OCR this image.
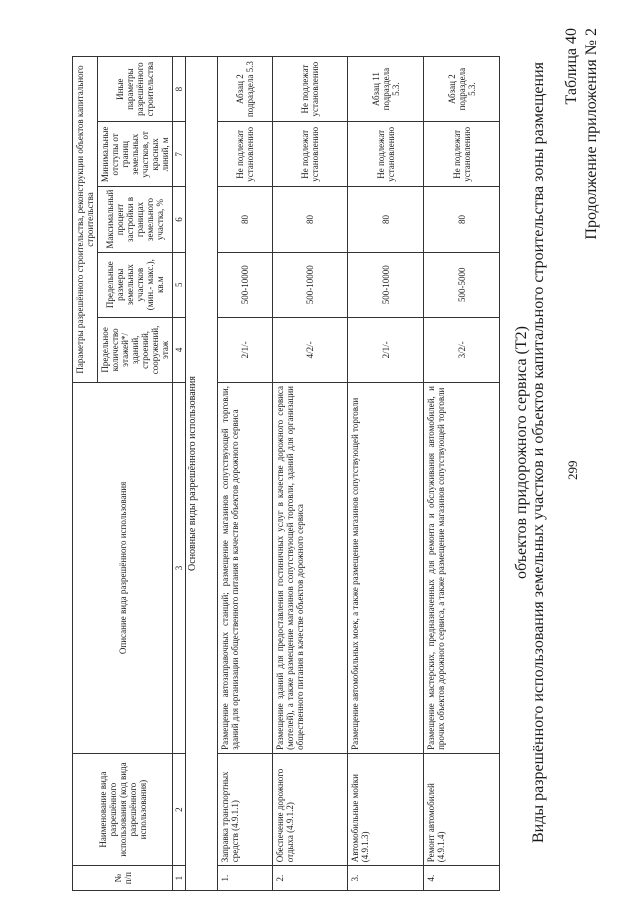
299
Продолжение приложения № 2
Таблица 40
Виды разрешённого использования земельных участков и объектов капитального строительства зоны размещения
объектов придорожного сервиса (Т2)
№ п/п	Наименование вида разрешённого использования (код вида разрешённого использования)	Описание вида разрешённого использования	Параметры разрешённого строительства, реконструкции объектов капитального строительства				
			Предельное количество этажей*/ зданий, строений, сооружений, этаж	Предельные размеры земельных участков (мин.- макс.), кв.м	Максимальный процент застройки в границах земельного участка, %	Минимальные отступы от границ земельных участков, от красных линий, м	Иные параметры разрешённого строительства
1	2	3	4	5	6	7	8
Основные виды разрешённого использования							
1.	Заправка транспортных средств (4.9.1.1)	Размещение автозаправочных станций; размещение магазинов сопутствующей торговли, зданий для организации общественного питания в качестве объектов дорожного сервиса	2/1/-	500-10000	80	Не подлежат установлению	Абзац 2 подраздела 5.3
2.	Обеспечение дорожного отдыха (4.9.1.2)	Размещение зданий для предоставления гостиничных услуг в качестве дорожного сервиса (мотелей), а также размещение магазинов сопутствующей торговли, зданий для организации общественного питания в качестве объектов дорожного сервиса	4/2/-	500-10000	80	Не подлежат установлению	Не подлежат установлению
3.	Автомобильные мойки (4.9.1.3)	Размещение автомобильных моек, а также размещение магазинов сопутствующей торговли	2/1/-	500-10000	80	Не подлежат установлению	Абзац 11 подраздела 5.3.
4.	Ремонт автомобилей (4.9.1.4)	Размещение мастерских, предназначенных для ремонта и обслуживания автомобилей, и прочих объектов дорожного сервиса, а также размещение магазинов сопутствующей торговли	3/2/-	500-5000	80	Не подлежат установлению	Абзац 2 подраздела 5.3.
